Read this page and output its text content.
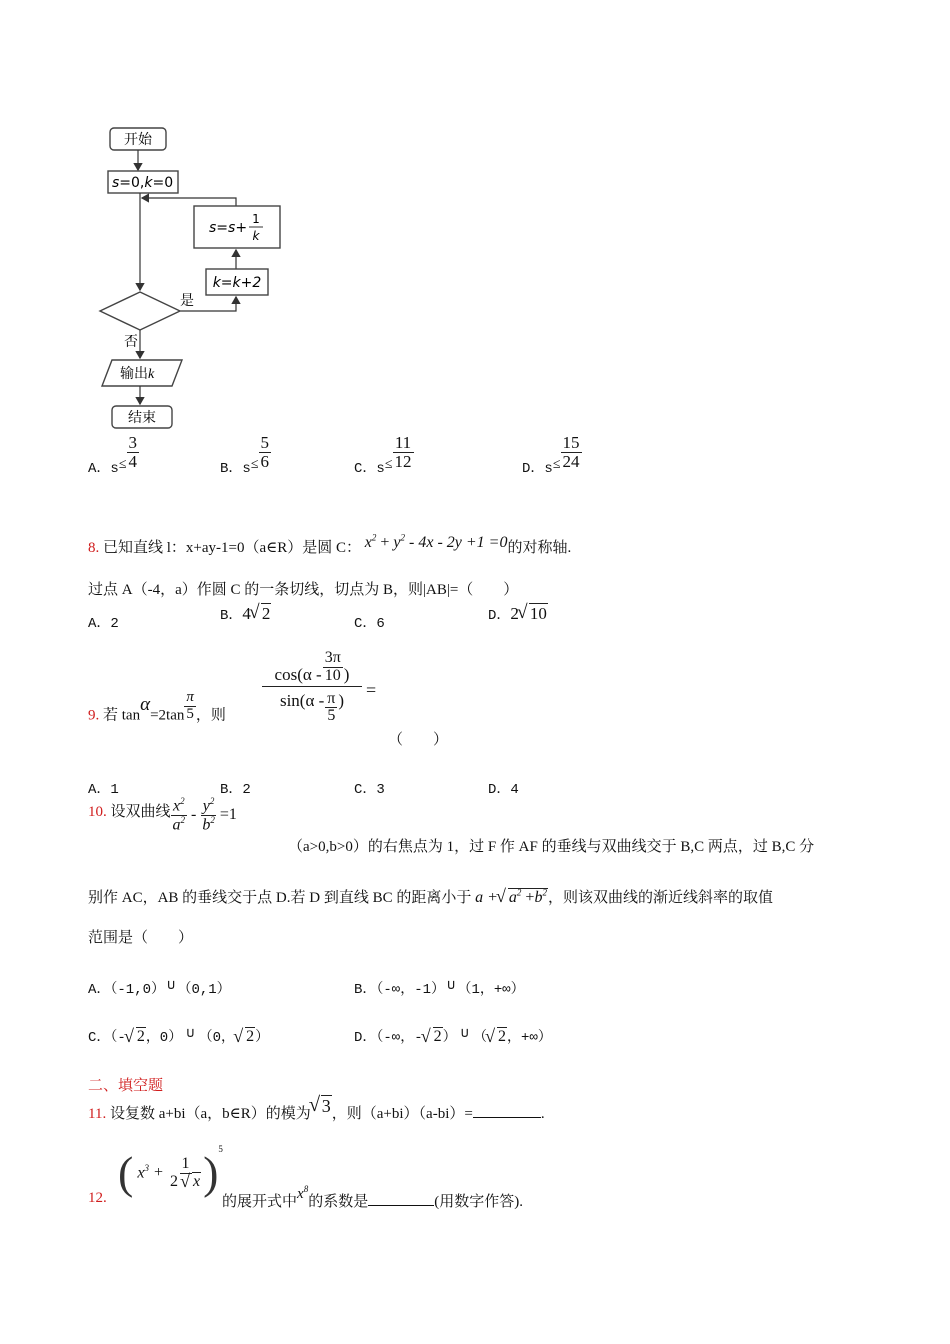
开始
s=0,k=0
s=s+
1
k
k=k+2
是
否
输出k
结束
A．$s\le \frac{3}{4}$	B．$s\le \frac{5}{6}$	C．$s\le \frac{11}{12}$	D．$s\le \frac{15}{24}$
8. 已知直线 l：x+ay-1=0（a∈R）是圆 C： $x^2 + y^2 - 4x - 2y +1 =0$的对称轴.
过点 A（-4，a）作圆 C 的一条切线，切点为 B，则|AB|=（　　）
A．2	B．4 √ 2
C．6	D．2 √ 10
$\cos(\alpha - \frac{3\pi}{10}$ )
$\sin(\alpha - \frac{\pi}{5}$ )
=
9. 若 $\tan\alpha=2\tan \frac{\pi}{5}$ ，则
（　　）
A．1	B．2	C．3	D．4
10. 设双曲线 $\frac{x^2}{a^2} - \frac{y^2}{b^2} =1$
（a>0,b>0）的右焦点为 1，过 F 作 AF 的垂线与双曲线交于 B,C 两点，过 B,C 分
别作 AC，AB 的垂线交于点 D.若 D 到直线 BC 的距离小于 a + √ $a^2 +b^2$，则该双曲线的渐近线斜率的取值
范围是（　　）
A．（-1,0） ∪ （0,1）	B．（-∞，-1） ∪ （1，+∞）
C．（- √ 2，0） ∪ （0， √ 2）	D．（-∞，- √ 2） ∪ （ √ 2，+∞）
二、填空题
11. 设复数 a+bi（a，b∈R）的模为 √ 3，则（a+bi）（a-bi）=	.
( $x^3 + \frac{1}{2 √ x}$ ) 5
12.	的展开式中$x^8$的系数是	(用数字作答).
